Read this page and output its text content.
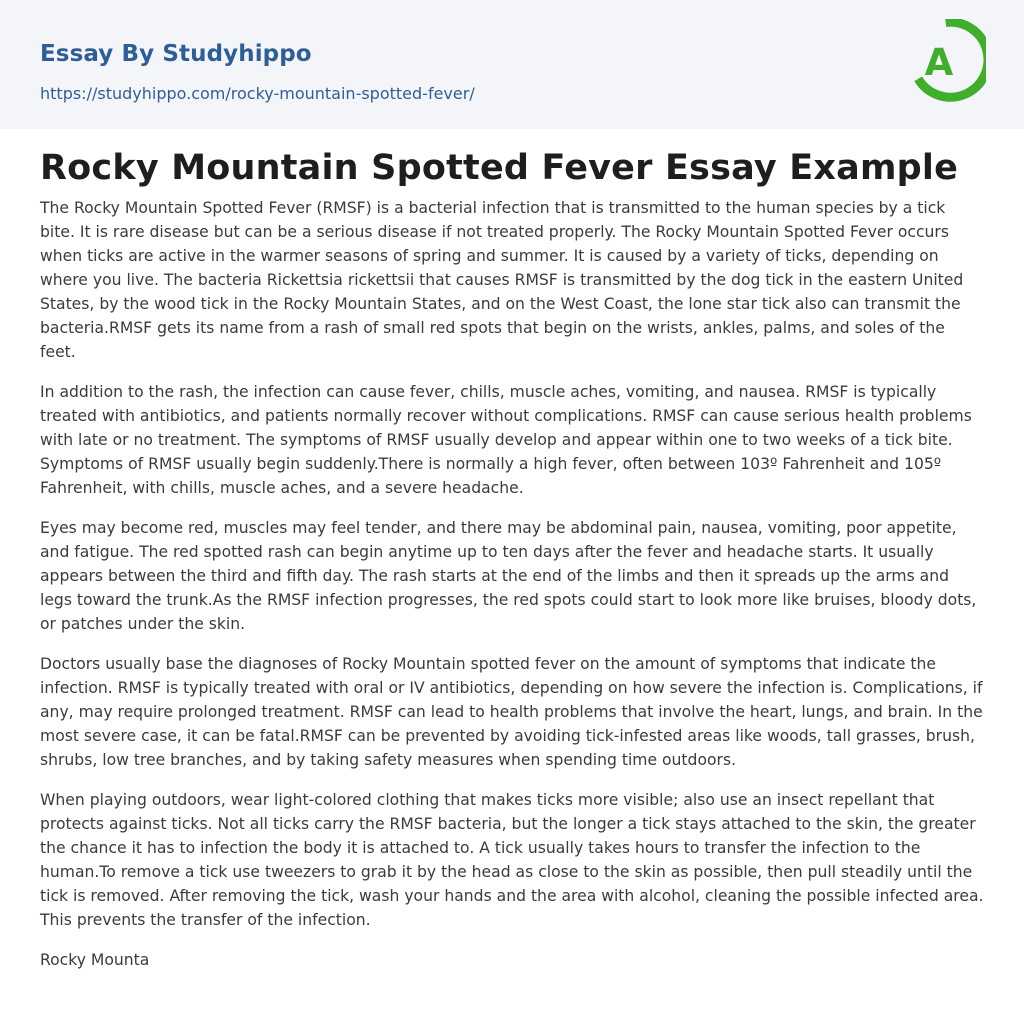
Essay By Studyhippo
https://studyhippo.com/rocky-mountain-spotted-fever/
A
Rocky Mountain Spotted Fever Essay Example

The Rocky Mountain Spotted Fever (RMSF) is a bacterial infection that is transmitted to the human species by a tick bite. It is rare disease but can be a serious disease if not treated properly. The Rocky Mountain Spotted Fever occurs when ticks are active in the warmer seasons of spring and summer. It is caused by a variety of ticks, depending on where you live. The bacteria Rickettsia rickettsii that causes RMSF is transmitted by the dog tick in the eastern United States, by the wood tick in the Rocky Mountain States, and on the West Coast, the lone star tick also can transmit the bacteria.RMSF gets its name from a rash of small red spots that begin on the wrists, ankles, palms, and soles of the feet.

In addition to the rash, the infection can cause fever, chills, muscle aches, vomiting, and nausea. RMSF is typically treated with antibiotics, and patients normally recover without complications. RMSF can cause serious health problems with late or no treatment. The symptoms of RMSF usually develop and appear within one to two weeks of a tick bite. Symptoms of RMSF usually begin suddenly.There is normally a high fever, often between 103º Fahrenheit and 105º Fahrenheit, with chills, muscle aches, and a severe headache.

Eyes may become red, muscles may feel tender, and there may be abdominal pain, nausea, vomiting, poor appetite, and fatigue. The red spotted rash can begin anytime up to ten days after the fever and headache starts. It usually appears between the third and fifth day. The rash starts at the end of the limbs and then it spreads up the arms and legs toward the trunk.As the RMSF infection progresses, the red spots could start to look more like bruises, bloody dots, or patches under the skin.

Doctors usually base the diagnoses of Rocky Mountain spotted fever on the amount of symptoms that indicate the infection. RMSF is typically treated with oral or IV antibiotics, depending on how severe the infection is. Complications, if any, may require prolonged treatment. RMSF can lead to health problems that involve the heart, lungs, and brain. In the most severe case, it can be fatal.RMSF can be prevented by avoiding tick-infested areas like woods, tall grasses, brush, shrubs, low tree branches, and by taking safety measures when spending time outdoors.

When playing outdoors, wear light-colored clothing that makes ticks more visible; also use an insect repellant that protects against ticks. Not all ticks carry the RMSF bacteria, but the longer a tick stays attached to the skin, the greater the chance it has to infection the body it is attached to. A tick usually takes hours to transfer the infection to the human.To remove a tick use tweezers to grab it by the head as close to the skin as possible, then pull steadily until the tick is removed. After removing the tick, wash your hands and the area with alcohol, cleaning the possible infected area. This prevents the transfer of the infection.

Rocky Mounta
